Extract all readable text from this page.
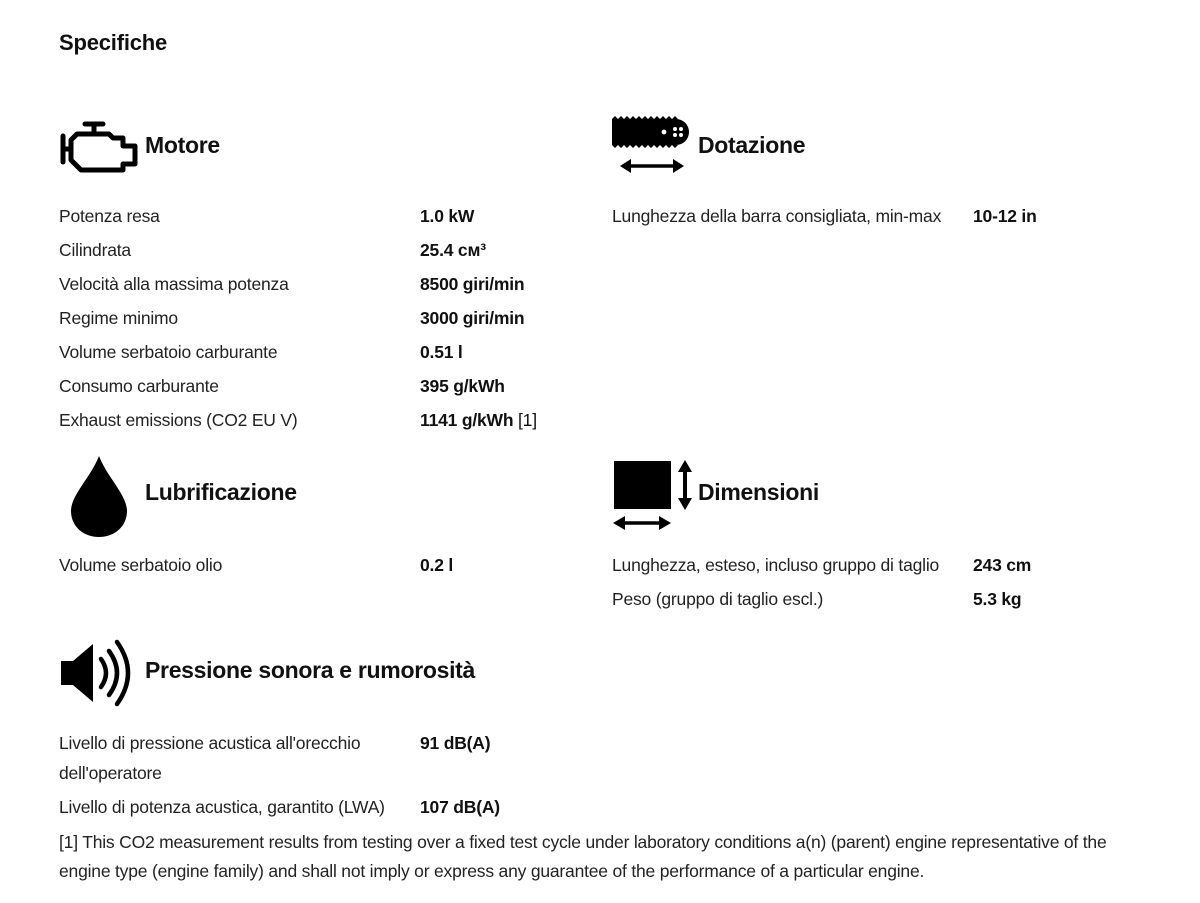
Specifiche
Motore
Potenza resa	1.0 kW
Cilindrata	25.4 cм³
Velocità alla massima potenza	8500 giri/min
Regime minimo	3000 giri/min
Volume serbatoio carburante	0.51 l
Consumo carburante	395 g/kWh
Exhaust emissions (CO2 EU V)	1141 g/kWh [1]
Dotazione
Lunghezza della barra consigliata, min-max 10-12 in
Lubrificazione
Volume serbatoio olio	0.2 l
Dimensioni
Lunghezza, esteso, incluso gruppo di taglio 243 cm
Peso (gruppo di taglio escl.)	5.3 kg
Pressione sonora e rumorosità
Livello di pressione acustica all'orecchio dell'operatore
91 dB(A)
Livello di potenza acustica, garantito (LWA) 107 dB(A)

[1] This CO2 measurement results from testing over a fixed test cycle under laboratory conditions a(n) (parent) engine representative of the engine type (engine family) and shall not imply or express any guarantee of the performance of a particular engine.
